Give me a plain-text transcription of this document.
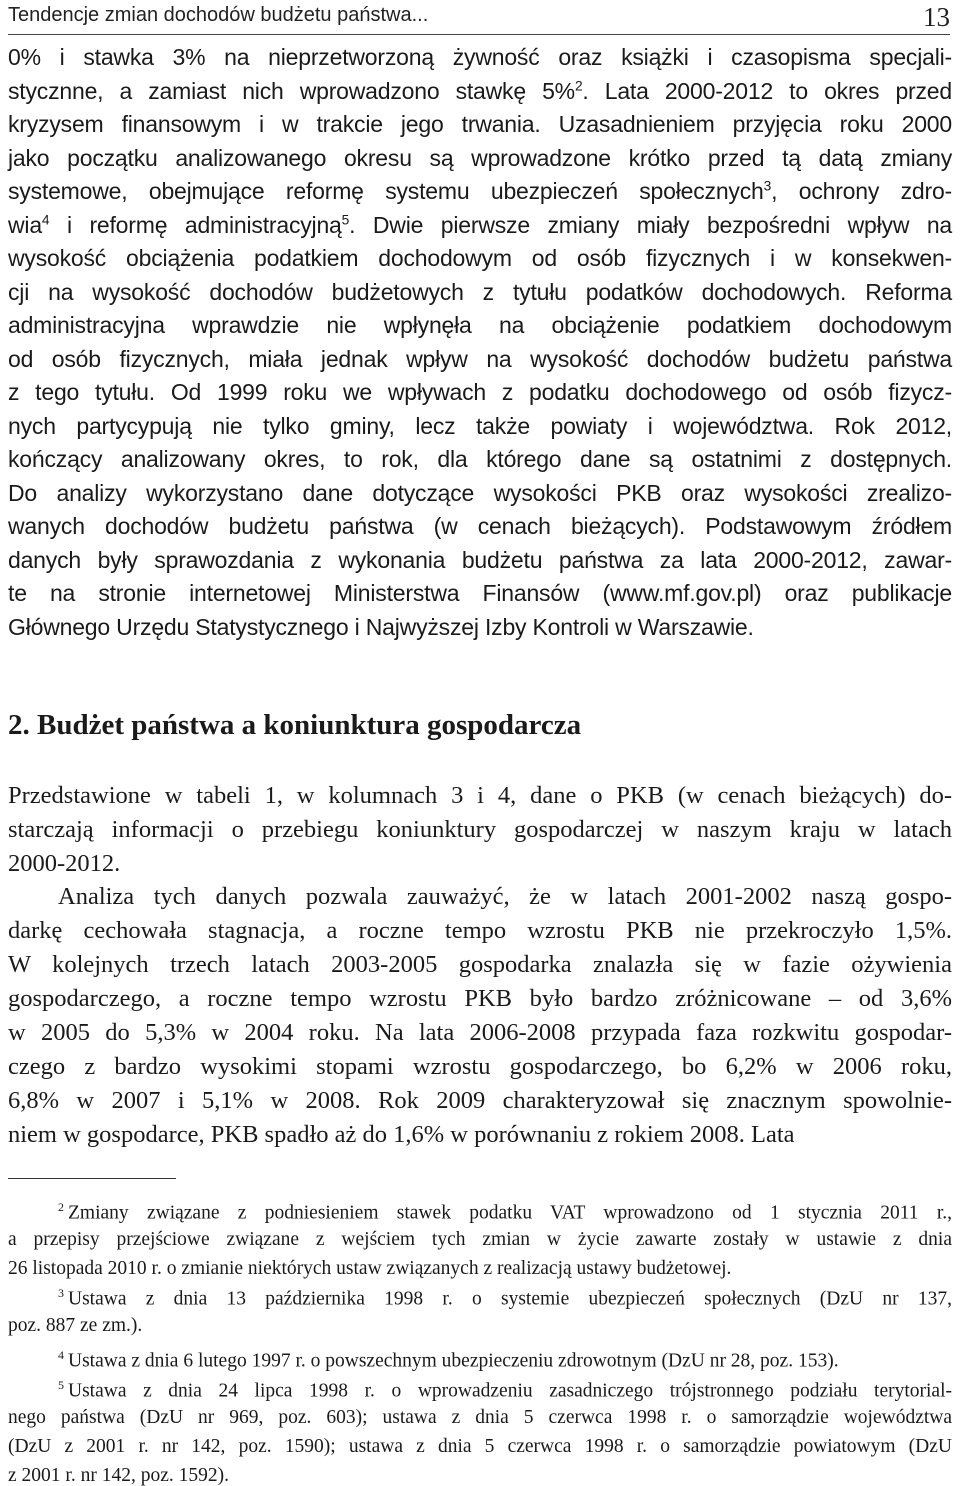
Tendencje zmian dochodów budżetu państwa...	13
0% i stawka 3% na nieprzetworzoną żywność oraz książki i czasopisma specjali-
stycznne, a zamiast nich wprowadzono stawkę 5%$^2$. Lata 2000-2012 to okres przed
kryzysem finansowym i w trakcie jego trwania. Uzasadnieniem przyjęcia roku 2000
jako początku analizowanego okresu są wprowadzone krótko przed tą datą zmiany
systemowe, obejmujące reformę systemu ubezpieczeń społecznych$^3$, ochrony zdro-
wia$^4$ i reformę administracyjną$^5$. Dwie pierwsze zmiany miały bezpośredni wpływ na
wysokość obciążenia podatkiem dochodowym od osób fizycznych i w konsekwen-
cji na wysokość dochodów budżetowych z tytułu podatków dochodowych. Reforma
administracyjna wprawdzie nie wpłynęła na obciążenie podatkiem dochodowym
od osób fizycznych, miała jednak wpływ na wysokość dochodów budżetu państwa
z tego tytułu. Od 1999 roku we wpływach z podatku dochodowego od osób fizycz-
nych partycypują nie tylko gminy, lecz także powiaty i województwa. Rok 2012,
kończący analizowany okres, to rok, dla którego dane są ostatnimi z dostępnych.
Do analizy wykorzystano dane dotyczące wysokości PKB oraz wysokości zrealizo-
wanych dochodów budżetu państwa (w cenach bieżących). Podstawowym źródłem
danych były sprawozdania z wykonania budżetu państwa za lata 2000-2012, zawar-
te na stronie internetowej Ministerstwa Finansów (www.mf.gov.pl) oraz publikacje
Głównego Urzędu Statystycznego i Najwyższej Izby Kontroli w Warszawie.
2. Budżet państwa a koniunktura gospodarcza
Przedstawione w tabeli 1, w kolumnach 3 i 4, dane o PKB (w cenach bieżących) do-
starczają informacji o przebiegu koniunktury gospodarczej w naszym kraju w latach
2000-2012.
Analiza tych danych pozwala zauważyć, że w latach 2001-2002 naszą gospo-
darkę cechowała stagnacja, a roczne tempo wzrostu PKB nie przekroczyło 1,5%.
W kolejnych trzech latach 2003-2005 gospodarka znalazła się w fazie ożywienia
gospodarczego, a roczne tempo wzrostu PKB było bardzo zróżnicowane – od 3,6%
w 2005 do 5,3% w 2004 roku. Na lata 2006-2008 przypada faza rozkwitu gospodar-
czego z bardzo wysokimi stopami wzrostu gospodarczego, bo 6,2% w 2006 roku,
6,8% w 2007 i 5,1% w 2008. Rok 2009 charakteryzował się znacznym spowolnie-
niem w gospodarce, PKB spadło aż do 1,6% w porównaniu z rokiem 2008. Lata
$^2$ Zmiany związane z podniesieniem stawek podatku VAT wprowadzono od 1 stycznia 2011 r.,
a przepisy przejściowe związane z wejściem tych zmian w życie zawarte zostały w ustawie z dnia
26 listopada 2010 r. o zmianie niektórych ustaw związanych z realizacją ustawy budżetowej.
$^3$ Ustawa z dnia 13 października 1998 r. o systemie ubezpieczeń społecznych (DzU nr 137,
poz. 887 ze zm.).
$^4$ Ustawa z dnia 6 lutego 1997 r. o powszechnym ubezpieczeniu zdrowotnym (DzU nr 28, poz. 153).
$^5$ Ustawa z dnia 24 lipca 1998 r. o wprowadzeniu zasadniczego trójstronnego podziału terytorial-
nego państwa (DzU nr 969, poz. 603); ustawa z dnia 5 czerwca 1998 r. o samorządzie województwa
(DzU z 2001 r. nr 142, poz. 1590); ustawa z dnia 5 czerwca 1998 r. o samorządzie powiatowym (DzU
z 2001 r. nr 142, poz. 1592).
